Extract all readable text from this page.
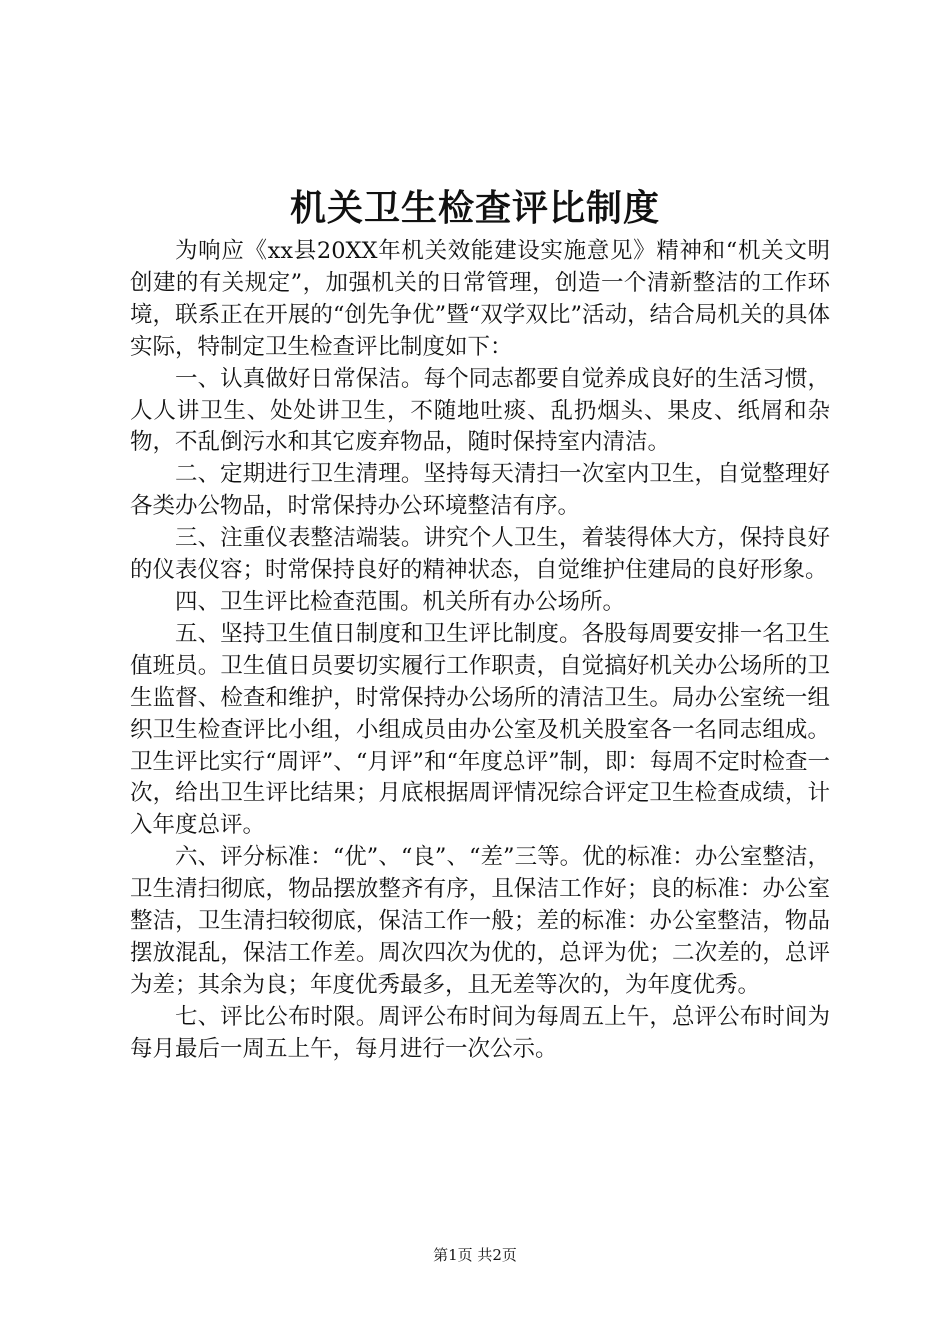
机关卫生检查评比制度

为响应《xx县20XX年机关效能建设实施意见》精神和“机关文明创建的有关规定”，加强机关的日常管理，创造一个清新整洁的工作环境，联系正在开展的“创先争优”暨“双学双比”活动，结合局机关的具体实际，特制定卫生检查评比制度如下：

一、认真做好日常保洁。每个同志都要自觉养成良好的生活习惯，人人讲卫生、处处讲卫生，不随地吐痰、乱扔烟头、果皮、纸屑和杂物，不乱倒污水和其它废弃物品，随时保持室内清洁。

二、定期进行卫生清理。坚持每天清扫一次室内卫生，自觉整理好各类办公物品，时常保持办公环境整洁有序。

三、注重仪表整洁端装。讲究个人卫生，着装得体大方，保持良好的仪表仪容；时常保持良好的精神状态，自觉维护住建局的良好形象。

四、卫生评比检查范围。机关所有办公场所。

五、坚持卫生值日制度和卫生评比制度。各股每周要安排一名卫生值班员。卫生值日员要切实履行工作职责，自觉搞好机关办公场所的卫生监督、检查和维护，时常保持办公场所的清洁卫生。局办公室统一组织卫生检查评比小组，小组成员由办公室及机关股室各一名同志组成。卫生评比实行“周评”、“月评”和“年度总评”制，即：每周不定时检查一次，给出卫生评比结果；月底根据周评情况综合评定卫生检查成绩，计入年度总评。

六、评分标准：“优”、“良”、“差”三等。优的标准：办公室整洁，卫生清扫彻底，物品摆放整齐有序，且保洁工作好；良的标准：办公室整洁，卫生清扫较彻底，保洁工作一般；差的标准：办公室整洁，物品摆放混乱，保洁工作差。周次四次为优的，总评为优；二次差的，总评为差；其余为良；年度优秀最多，且无差等次的，为年度优秀。

七、评比公布时限。周评公布时间为每周五上午，总评公布时间为每月最后一周五上午，每月进行一次公示。

第1页 共2页
